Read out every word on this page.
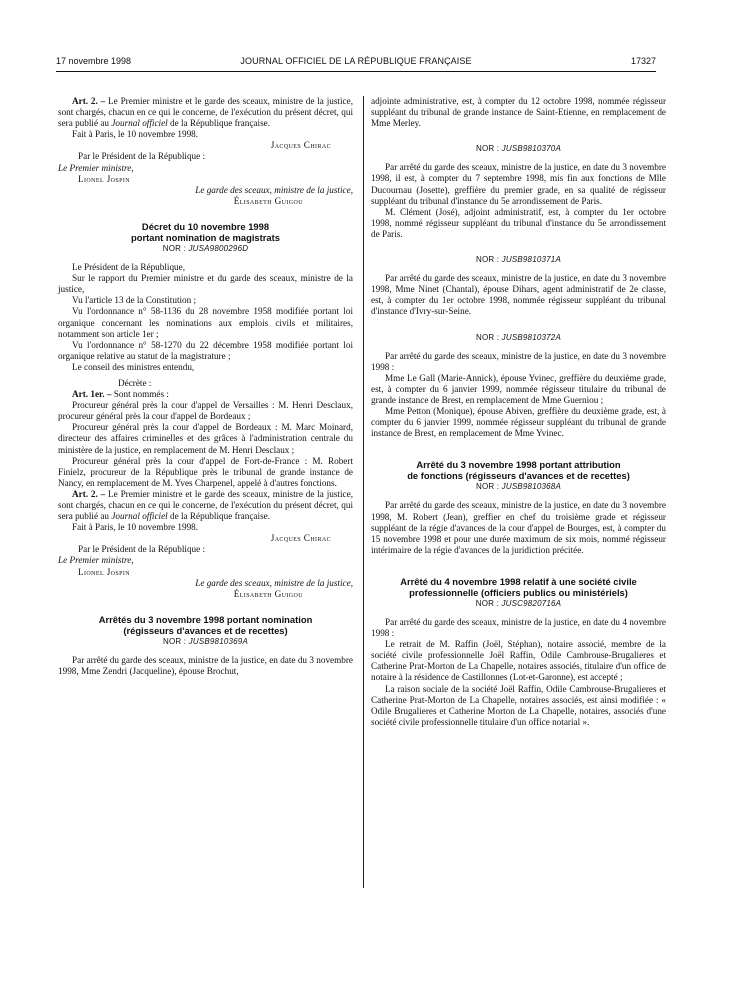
17 novembre 1998	JOURNAL OFFICIEL DE LA RÉPUBLIQUE FRANÇAISE	17327

Art. 2. – Le Premier ministre et le garde des sceaux, ministre de la justice, sont chargés, chacun en ce qui le concerne, de l'exécution du présent décret, qui sera publié au Journal officiel de la République française.

Fait à Paris, le 10 novembre 1998.

Jacques Chirac

Par le Président de la République :

Le Premier ministre,

Lionel Jospin

Le garde des sceaux, ministre de la justice,

Élisabeth Guigou

Décret du 10 novembre 1998
portant nomination de magistrats

NOR : JUSA9800296D

Le Président de la République,

Sur le rapport du Premier ministre et du garde des sceaux, ministre de la justice,

Vu l'article 13 de la Constitution ;

Vu l'ordonnance n° 58-1136 du 28 novembre 1958 modifiée portant loi organique concernant les nominations aux emplois civils et militaires, notamment son article 1er ;

Vu l'ordonnance n° 58-1270 du 22 décembre 1958 modifiée portant loi organique relative au statut de la magistrature ;

Le conseil des ministres entendu,

Décrète :

Art. 1er. – Sont nommés :

Procureur général près la cour d'appel de Versailles : M. Henri Desclaux, procureur général près la cour d'appel de Bordeaux ;

Procureur général près la cour d'appel de Bordeaux : M. Marc Moinard, directeur des affaires criminelles et des grâces à l'administration centrale du ministère de la justice, en remplacement de M. Henri Desclaux ;

Procureur général près la cour d'appel de Fort-de-France : M. Robert Finielz, procureur de la République près le tribunal de grande instance de Nancy, en remplacement de M. Yves Charpenel, appelé à d'autres fonctions.

Art. 2. – Le Premier ministre et le garde des sceaux, ministre de la justice, sont chargés, chacun en ce qui le concerne, de l'exécution du présent décret, qui sera publié au Journal officiel de la République française.

Fait à Paris, le 10 novembre 1998.

Jacques Chirac

Par le Président de la République :

Le Premier ministre,

Lionel Jospin

Le garde des sceaux, ministre de la justice,

Élisabeth Guigou

Arrêtés du 3 novembre 1998 portant nomination
(régisseurs d'avances et de recettes)

NOR : JUSB9810369A

Par arrêté du garde des sceaux, ministre de la justice, en date du 3 novembre 1998, Mme Zendri (Jacqueline), épouse Brochut,

adjointe administrative, est, à compter du 12 octobre 1998, nommée régisseur suppléant du tribunal de grande instance de Saint-Etienne, en remplacement de Mme Merley.

NOR : JUSB9810370A

Par arrêté du garde des sceaux, ministre de la justice, en date du 3 novembre 1998, il est, à compter du 7 septembre 1998, mis fin aux fonctions de Mlle Ducournau (Josette), greffière du premier grade, en sa qualité de régisseur suppléant du tribunal d'instance du 5e arrondissement de Paris.

M. Clément (José), adjoint administratif, est, à compter du 1er octobre 1998, nommé régisseur suppléant du tribunal d'instance du 5e arrondissement de Paris.

NOR : JUSB9810371A

Par arrêté du garde des sceaux, ministre de la justice, en date du 3 novembre 1998, Mme Ninet (Chantal), épouse Dihars, agent administratif de 2e classe, est, à compter du 1er octobre 1998, nommée régisseur suppléant du tribunal d'instance d'Ivry-sur-Seine.

NOR : JUSB9810372A

Par arrêté du garde des sceaux, ministre de la justice, en date du 3 novembre 1998 :

Mme Le Gall (Marie-Annick), épouse Yvinec, greffière du deuxième grade, est, à compter du 6 janvier 1999, nommée régisseur titulaire du tribunal de grande instance de Brest, en remplacement de Mme Guerniou ;

Mme Petton (Monique), épouse Abiven, greffière du deuxième grade, est, à compter du 6 janvier 1999, nommée régisseur suppléant du tribunal de grande instance de Brest, en remplacement de Mme Yvinec.

Arrêté du 3 novembre 1998 portant attribution
de fonctions (régisseurs d'avances et de recettes)

NOR : JUSB9810368A

Par arrêté du garde des sceaux, ministre de la justice, en date du 3 novembre 1998, M. Robert (Jean), greffier en chef du troisième grade et régisseur suppléant de la régie d'avances de la cour d'appel de Bourges, est, à compter du 15 novembre 1998 et pour une durée maximum de six mois, nommé régisseur intérimaire de la régie d'avances de la juridiction précitée.

Arrêté du 4 novembre 1998 relatif à une société civile
professionnelle (officiers publics ou ministériels)

NOR : JUSC9820716A

Par arrêté du garde des sceaux, ministre de la justice, en date du 4 novembre 1998 :

Le retrait de M. Raffin (Joël, Stéphan), notaire associé, membre de la société civile professionnelle Joël Raffin, Odile Cambrouse-Brugalieres et Catherine Prat-Morton de La Chapelle, notaires associés, titulaire d'un office de notaire à la résidence de Castillonnes (Lot-et-Garonne), est accepté ;

La raison sociale de la société Joël Raffin, Odile Cambrouse-Brugalieres et Catherine Prat-Morton de La Chapelle, notaires associés, est ainsi modifiée : « Odile Brugalieres et Catherine Morton de La Chapelle, notaires, associés d'une société civile professionnelle titulaire d'un office notarial ».
